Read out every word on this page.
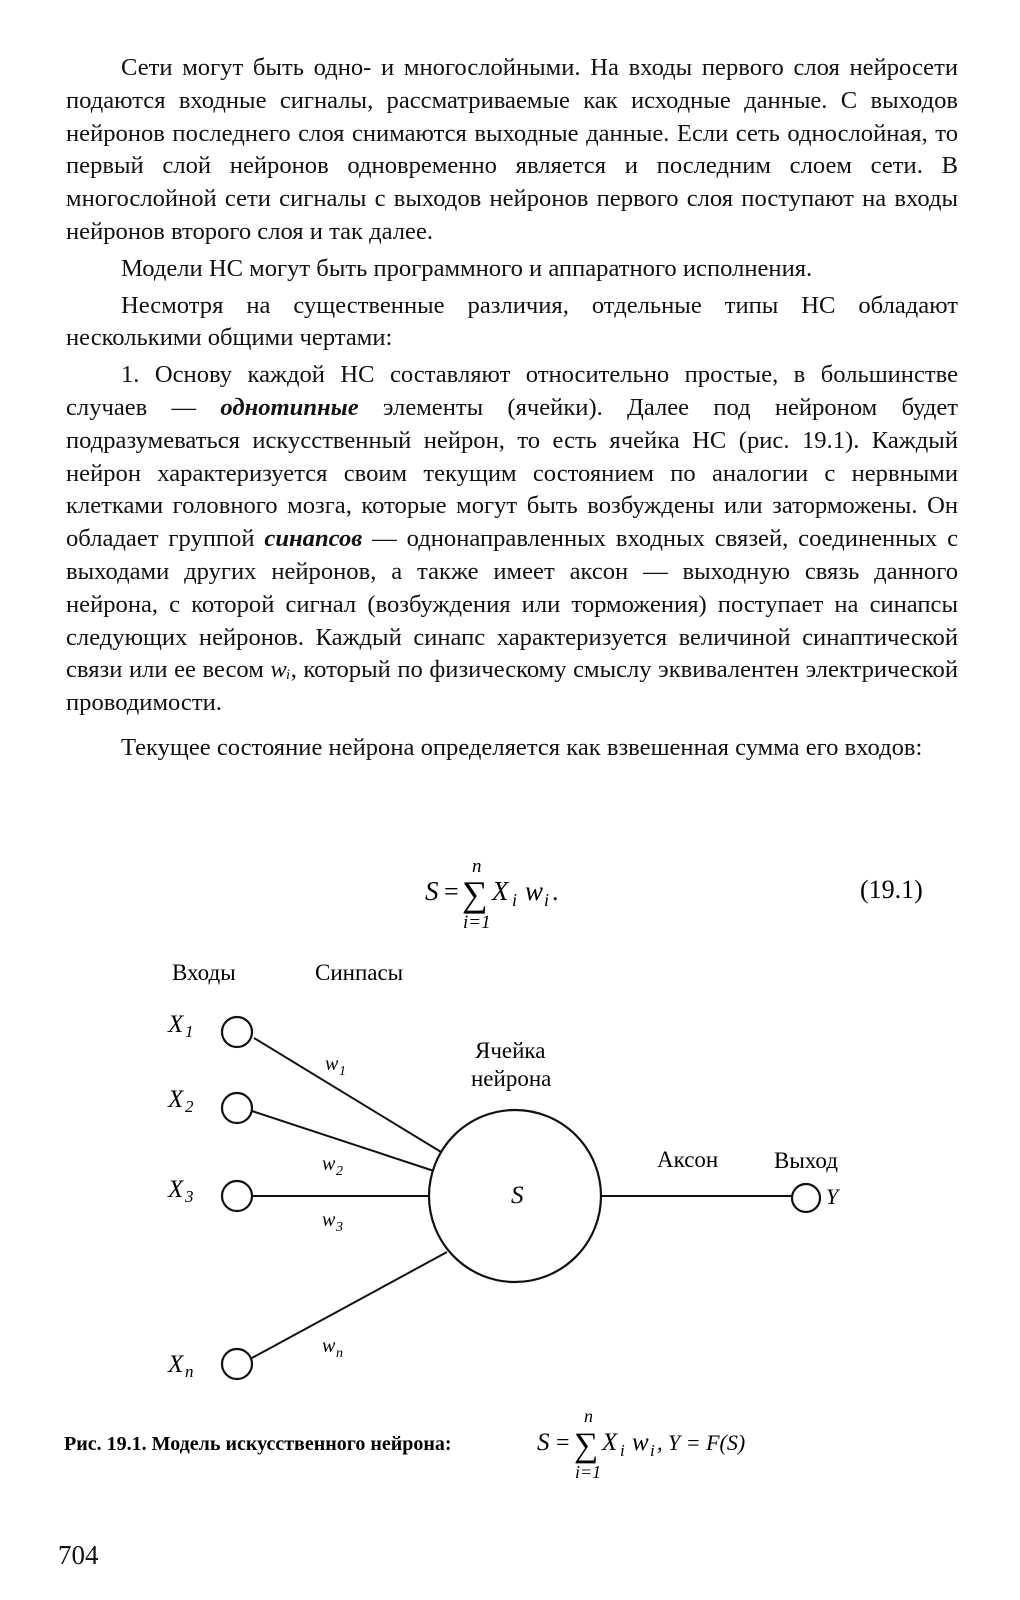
Сети могут быть одно- и многослойными. На входы первого слоя нейросети подаются входные сигналы, рассматриваемые как исходные данные. С выходов нейронов последнего слоя снимаются выходные данные. Если сеть однослойная, то первый слой нейронов одновременно является и последним слоем сети. В многослойной сети сигналы с выходов нейронов первого слоя поступают на входы нейронов второго слоя и так далее.

Модели НС могут быть программного и аппаратного исполнения.

Несмотря на существенные различия, отдельные типы НС обладают несколькими общими чертами:

1. Основу каждой НС составляют относительно простые, в большинстве случаев — однотипные элементы (ячейки). Далее под нейроном будет подразумеваться искусственный нейрон, то есть ячейка НС (рис. 19.1). Каждый нейрон характеризуется своим текущим состоянием по аналогии с нервными клетками головного мозга, которые могут быть возбуждены или заторможены. Он обладает группой синапсов — однонаправленных входных связей, соединенных с выходами других нейронов, а также имеет аксон — выходную связь данного нейрона, с которой сигнал (возбуждения или торможения) поступает на синапсы следующих нейронов. Каждый синапс характеризуется величиной синаптической связи или ее весом wᵢ, который по физическому смыслу эквивалентен электрической проводимости.

Текущее состояние нейрона определяется как взвешенная сумма его входов:

S = ∑
n
i=1
X i w i .	(19.1)
Входы	Синпасы
Ячейка
нейрона
X 1
X 2
X 3
X n
w 1
w 2
w 3
w n
S
Аксон Выход
Y
Рис. 19.1. Модель искусственного нейрона:	S = ∑
n
i=1
X i w i , Y = F(S)
704
